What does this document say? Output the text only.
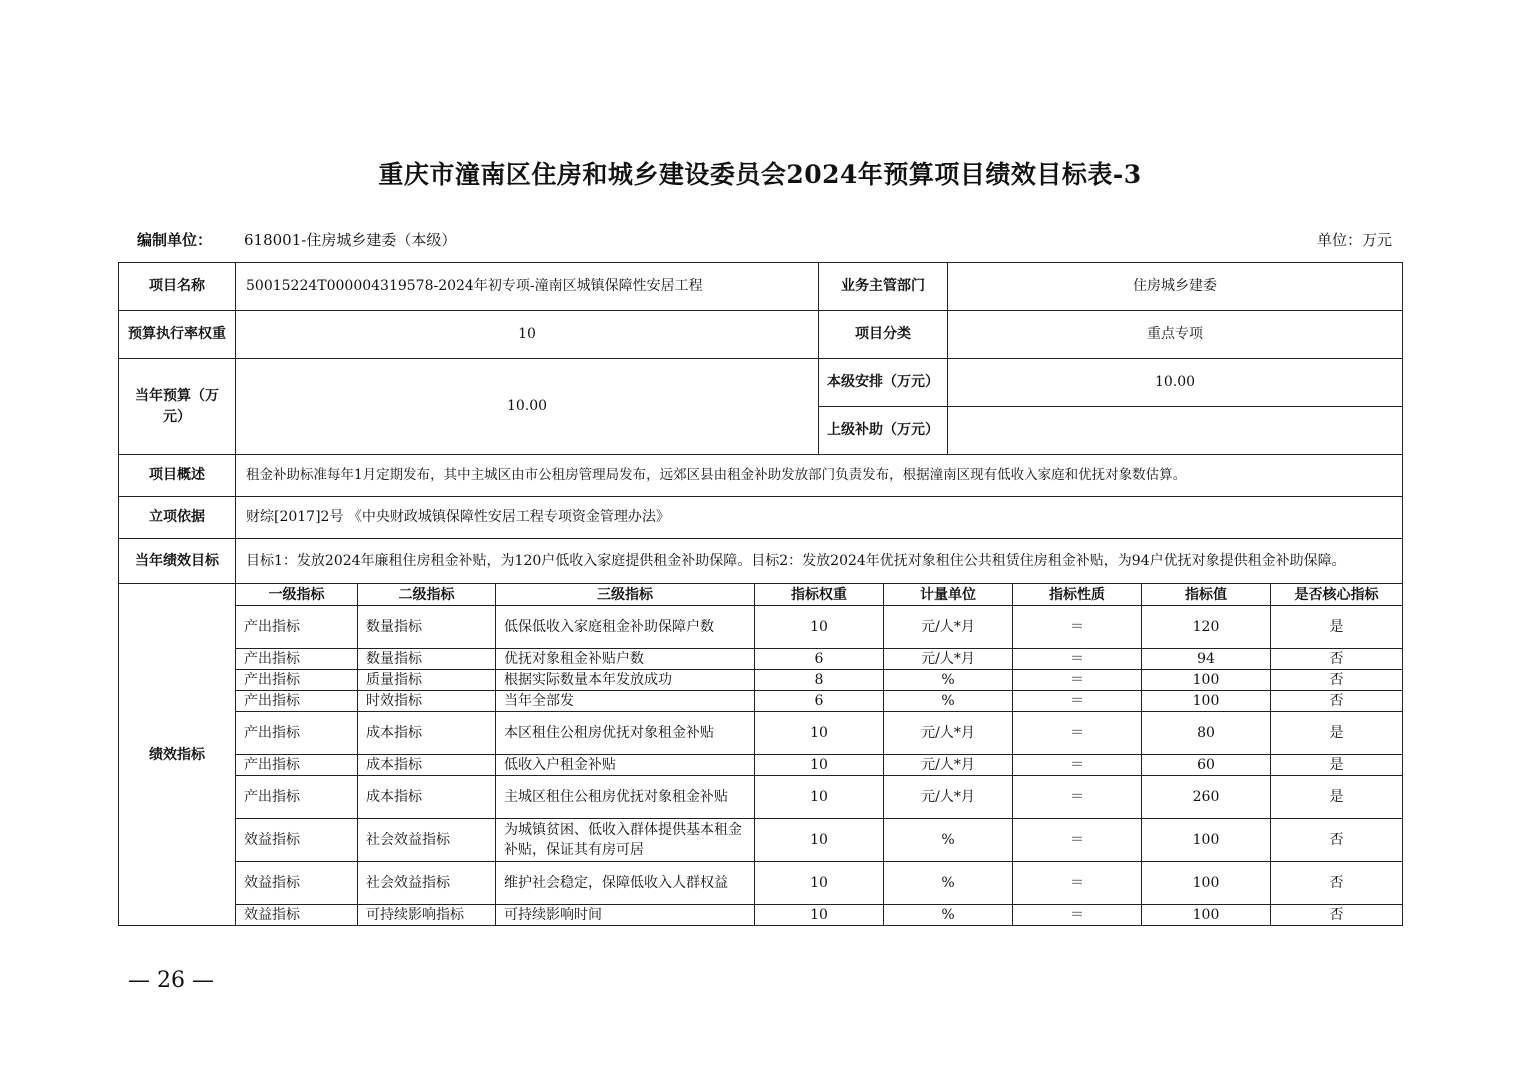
重庆市潼南区住房和城乡建设委员会2024年预算项目绩效目标表-3
编制单位： 618001-住房城乡建委（本级）	单位：万元
项目名称	50015224T000004319578-2024年初专项-潼南区城镇保障性安居工程	业务主管部门	住房城乡建委
预算执行率权重	10	项目分类	重点专项
当年预算（万元）	10.00	本级安排（万元）	10.00
		上级补助（万元）	
项目概述	租金补助标准每年1月定期发布，其中主城区由市公租房管理局发布，远郊区县由租金补助发放部门负责发布，根据潼南区现有低收入家庭和优抚对象数估算。		
立项依据	财综[2017]2号 《中央财政城镇保障性安居工程专项资金管理办法》		
当年绩效目标	目标1：发放2024年廉租住房租金补贴，为120户低收入家庭提供租金补助保障。目标2：发放2024年优抚对象租住公共租赁住房租金补贴，为94户优抚对象提供租金补助保障。		
绩效指标	一级指标	二级指标	三级指标	指标权重	计量单位	指标性质	指标值	是否核心指标
	产出指标	数量指标	低保低收入家庭租金补助保障户数	10	元/人*月	＝	120	是
	产出指标	数量指标	优抚对象租金补贴户数	6	元/人*月	＝	94	否
	产出指标	质量指标	根据实际数量本年发放成功	8	%	＝	100	否
	产出指标	时效指标	当年全部发	6	%	＝	100	否
	产出指标	成本指标	本区租住公租房优抚对象租金补贴	10	元/人*月	＝	80	是
	产出指标	成本指标	低收入户租金补贴	10	元/人*月	＝	60	是
	产出指标	成本指标	主城区租住公租房优抚对象租金补贴	10	元/人*月	＝	260	是
	效益指标	社会效益指标	为城镇贫困、低收入群体提供基本租金补贴，保证其有房可居	10	%	＝	100	否
	效益指标	社会效益指标	维护社会稳定，保障低收入人群权益	10	%	＝	100	否
	效益指标	可持续影响指标	可持续影响时间	10	%	＝	100	否
— 26 —
